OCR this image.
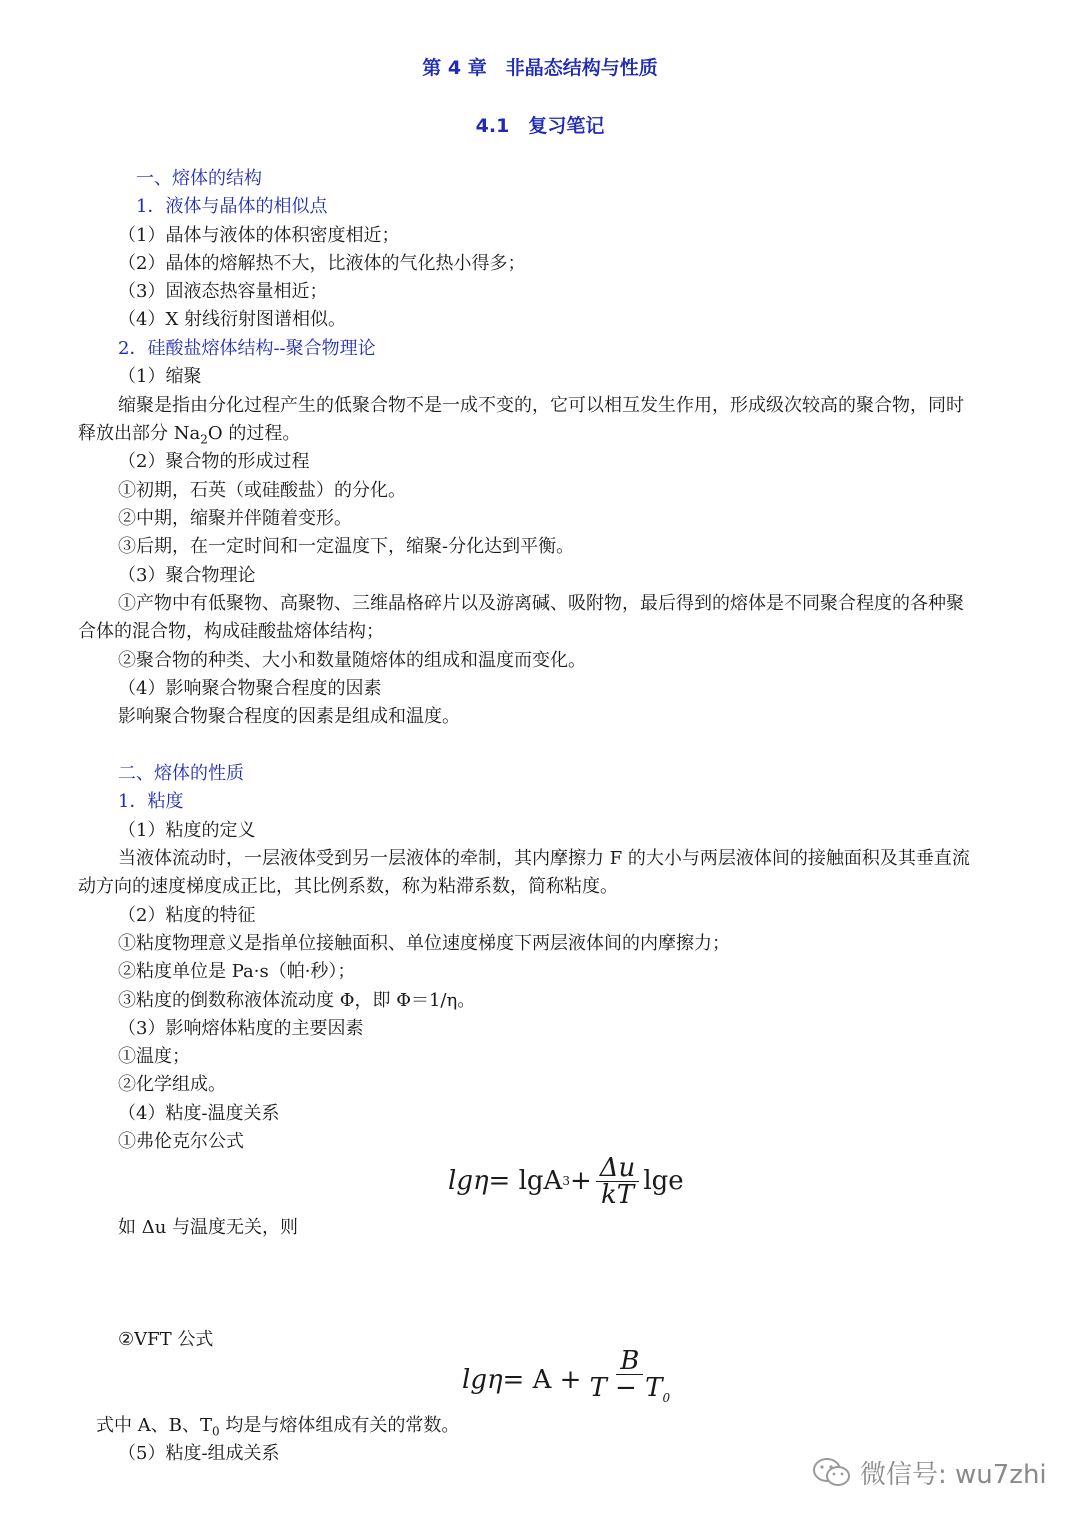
第 4 章　非晶态结构与性质
4.1　复习笔记
一、熔体的结构
1．液体与晶体的相似点
（1）晶体与液体的体积密度相近；
（2）晶体的熔解热不大，比液体的气化热小得多；
（3）固液态热容量相近；
（4）X 射线衍射图谱相似。
2．硅酸盐熔体结构--聚合物理论
（1）缩聚
缩聚是指由分化过程产生的低聚合物不是一成不变的，它可以相互发生作用，形成级次较高的聚合物，同时
释放出部分 $Na_2O$ 的过程。
（2）聚合物的形成过程
①初期，石英（或硅酸盐）的分化。
②中期，缩聚并伴随着变形。
③后期，在一定时间和一定温度下，缩聚-分化达到平衡。
（3）聚合物理论
①产物中有低聚物、高聚物、三维晶格碎片以及游离碱、吸附物，最后得到的熔体是不同聚合程度的各种聚
合体的混合物，构成硅酸盐熔体结构；
②聚合物的种类、大小和数量随熔体的组成和温度而变化。
（4）影响聚合物聚合程度的因素
影响聚合物聚合程度的因素是组成和温度。
二、熔体的性质
1．粘度
（1）粘度的定义
当液体流动时，一层液体受到另一层液体的牵制，其内摩擦力 F 的大小与两层液体间的接触面积及其垂直流
动方向的速度梯度成正比，其比例系数，称为粘滞系数，简称粘度。
（2）粘度的特征
①粘度物理意义是指单位接触面积、单位速度梯度下两层液体间的内摩擦力；
②粘度单位是 Pa·s（帕·秒）；
③粘度的倒数称液体流动度 Φ，即 Φ＝1/η。
（3）影响熔体粘度的主要因素
①温度；
②化学组成。
（4）粘度-温度关系
①弗伦克尔公式
lgη = lgA $3 + \frac{\Delta u}{kT}$ lge
如 Δu 与温度无关，则
②VFT 公式
$\lg\eta = A + \frac{B}{T - T_0}$
式中 A、B、$T_0$ 均是与熔体组成有关的常数。
（5）粘度-组成关系
微信号: wu7zhi
